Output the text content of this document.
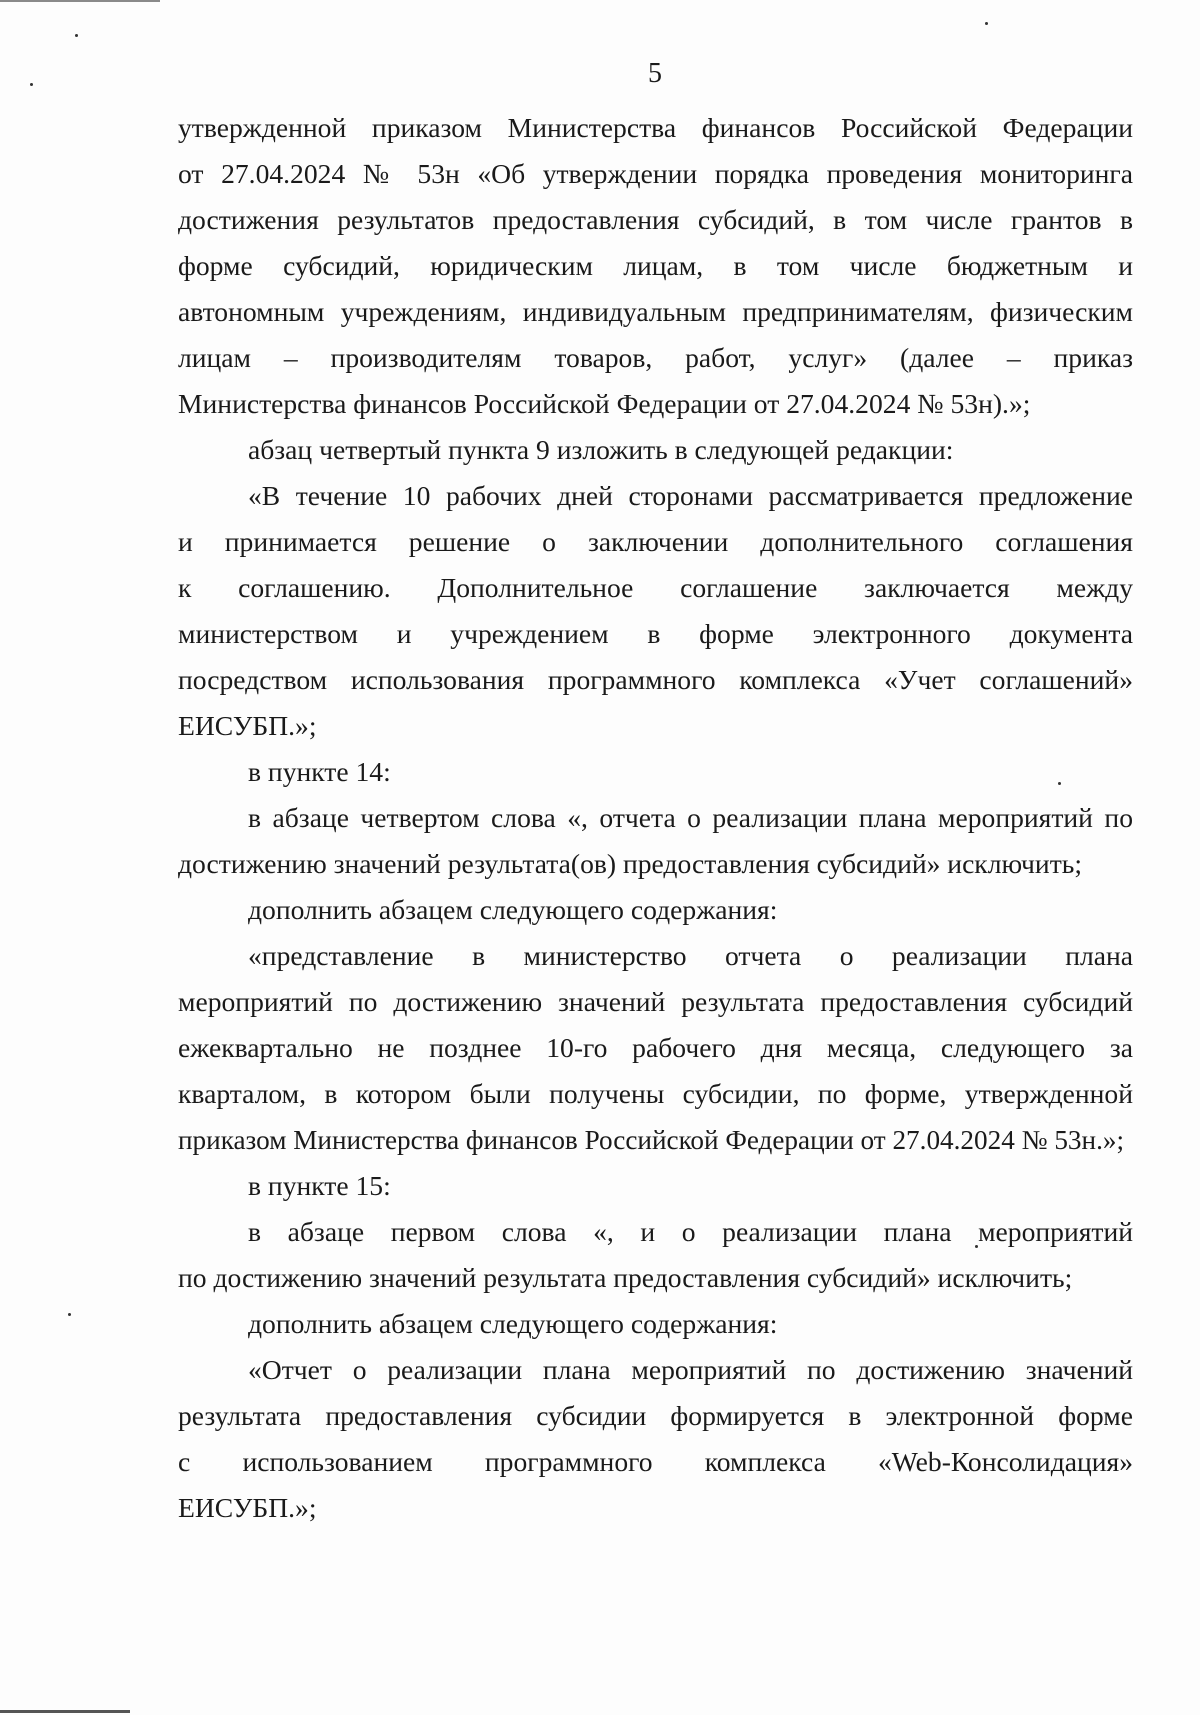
5
утвержденной приказом Министерства финансов Российской Федерации
от 27.04.2024 № 53н «Об утверждении порядка проведения мониторинга
достижения результатов предоставления субсидий, в том числе грантов в
форме субсидий, юридическим лицам, в том числе бюджетным и
автономным учреждениям, индивидуальным предпринимателям, физическим
лицам – производителям товаров, работ, услуг» (далее – приказ
Министерства финансов Российской Федерации от 27.04.2024 № 53н).»;
абзац четвертый пункта 9 изложить в следующей редакции:
«В течение 10 рабочих дней сторонами рассматривается предложение
и принимается решение о заключении дополнительного соглашения
к соглашению. Дополнительное соглашение заключается между
министерством и учреждением в форме электронного документа
посредством использования программного комплекса «Учет соглашений»
ЕИСУБП.»;
в пункте 14:
в абзаце четвертом слова «, отчета о реализации плана мероприятий по
достижению значений результата(ов) предоставления субсидий» исключить;
дополнить абзацем следующего содержания:
«представление в министерство отчета о реализации плана
мероприятий по достижению значений результата предоставления субсидий
ежеквартально не позднее 10-го рабочего дня месяца, следующего за
кварталом, в котором были получены субсидии, по форме, утвержденной
приказом Министерства финансов Российской Федерации от 27.04.2024 № 53н.»;
в пункте 15:
в абзаце первом слова «, и о реализации плана мероприятий
по достижению значений результата предоставления субсидий» исключить;
дополнить абзацем следующего содержания:
«Отчет о реализации плана мероприятий по достижению значений
результата предоставления субсидии формируется в электронной форме
с использованием программного комплекса «Web-Консолидация»
ЕИСУБП.»;
